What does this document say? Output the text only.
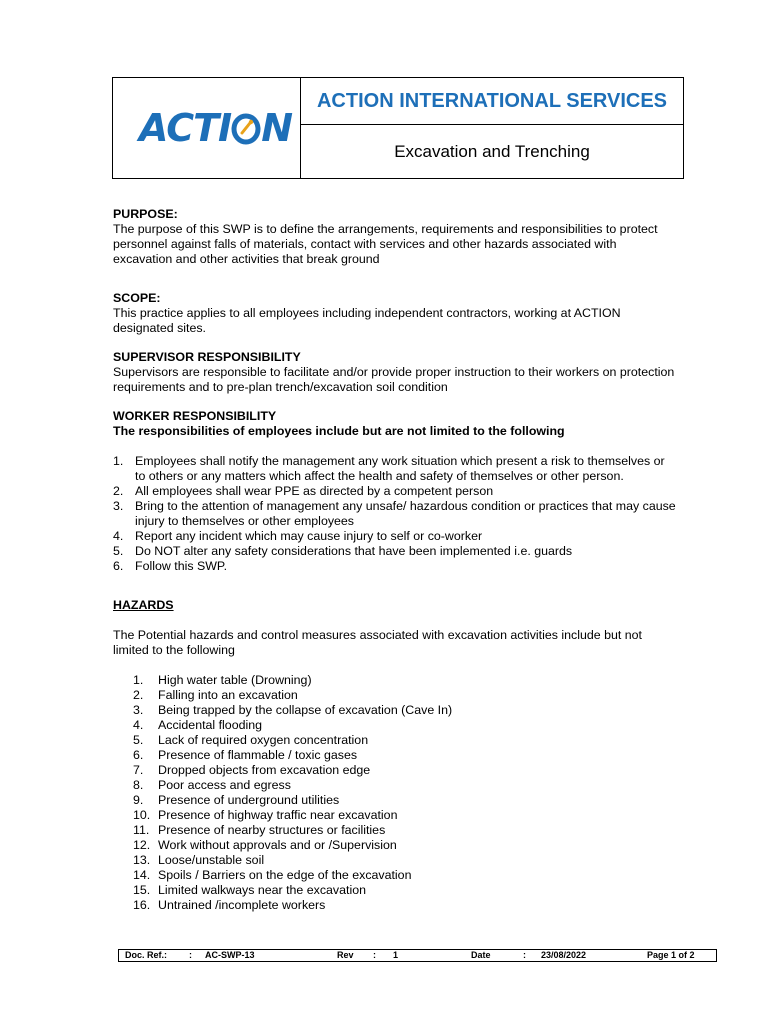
ACTI N
ACTION INTERNATIONAL SERVICES
Excavation and Trenching
PURPOSE:

The purpose of this SWP is to define the arrangements, requirements and responsibilities to protect personnel against falls of materials, contact with services and other hazards associated with excavation and other activities that break ground

SCOPE:

This practice applies to all employees including independent contractors, working at ACTION designated sites.

SUPERVISOR RESPONSIBILITY

Supervisors are responsible to facilitate and/or provide proper instruction to their workers on protection requirements and to pre-plan trench/excavation soil condition

WORKER RESPONSIBILITY
The responsibilities of employees include but are not limited to the following
1. Employees shall notify the management any work situation which present a risk to themselves or to others or any matters which affect the health and safety of themselves or other person.
2. All employees shall wear PPE as directed by a competent person
3. Bring to the attention of management any unsafe/ hazardous condition or practices that may cause injury to themselves or other employees
4. Report any incident which may cause injury to self or co-worker
5. Do NOT alter any safety considerations that have been implemented i.e. guards
6. Follow this SWP.
HAZARDS

The Potential hazards and control measures associated with excavation activities include but not limited to the following

1. High water table (Drowning)
2. Falling into an excavation
3. Being trapped by the collapse of excavation (Cave In)
4. Accidental flooding
5. Lack of required oxygen concentration
6. Presence of flammable / toxic gases
7. Dropped objects from excavation edge
8. Poor access and egress
9. Presence of underground utilities
10. Presence of highway traffic near excavation
11. Presence of nearby structures or facilities
12. Work without approvals and or /Supervision
13. Loose/unstable soil
14. Spoils / Barriers on the edge of the excavation
15. Limited walkways near the excavation
16. Untrained /incomplete workers
Doc. Ref.: : AC-SWP-13	Rev : 1	Date	: 23/08/2022	Page 1 of 2
